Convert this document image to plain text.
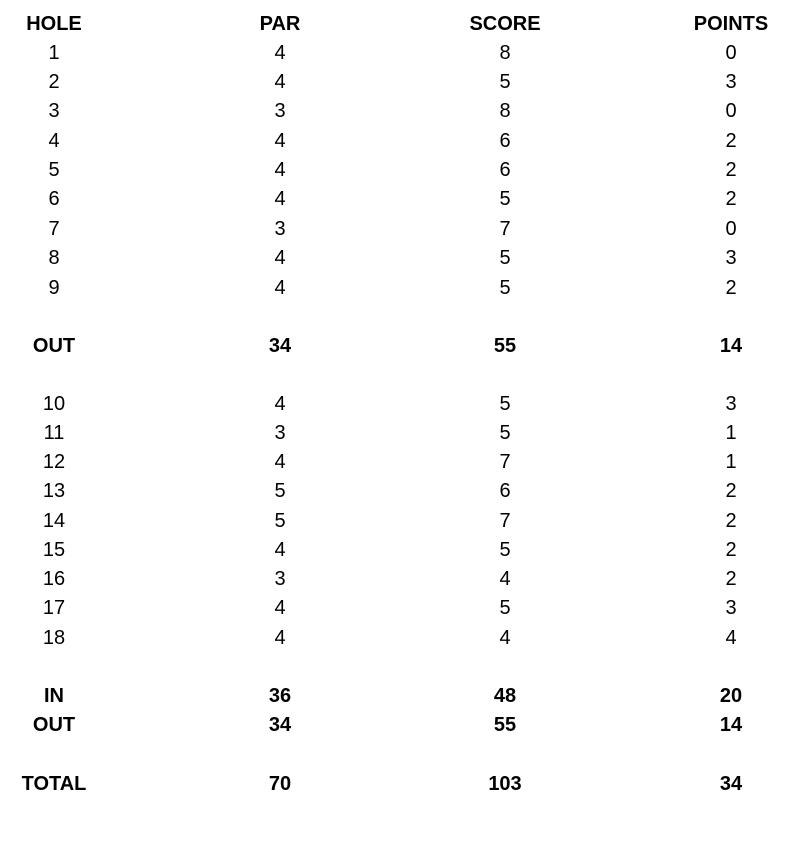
HOLE	PAR	SCORE	POINTS
1	4	8	0
2	4	5	3
3	3	8	0
4	4	6	2
5	4	6	2
6	4	5	2
7	3	7	0
8	4	5	3
9	4	5	2
OUT	34	55	14
10	4	5	3
11	3	5	1
12	4	7	1
13	5	6	2
14	5	7	2
15	4	5	2
16	3	4	2
17	4	5	3
18	4	4	4
IN	36	48	20
OUT	34	55	14
TOTAL	70	103	34
